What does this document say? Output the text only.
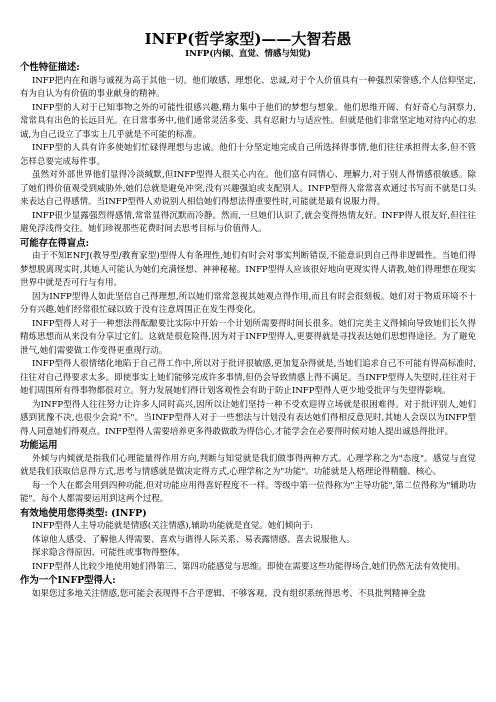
INFP(哲学家型)——大智若愚
INFP(内倾、直觉、情感与知觉)
个性特征描述:

INFP把内在和谐与诚视为高于其他一切。他们敏感、理想化、忠诚,对于个人价值具有一种强烈荣誉感,个人信仰坚定,有为自认为有价值的事业献身的精神。

INFP型的人对于已知事物之外的可能性很感兴趣,精力集中于他们的梦想与想象。他们思维开阔、有好奇心与洞察力,常常具有出色的长远目光。在日常事务中,他们通常灵活多变、具有忍耐力与适应性。但就是他们非常坚定地对待内心的忠诚,为自己设立了事实上几乎就是不可能的标准。

INFP型的人具有许多使她们忙碌得理想与忠诚。他们十分坚定地完成自己所选择得事情,他们往往承担得太多,但不管怎样总要完成每件事。

虽然对外部世界他们显得冷淡缄默,但INFP型得人很关心内在。他们富有同情心、理解力,对于别人得情感很敏感。除了她们得价值观受到威胁外,她们总就是避免冲突,没有兴趣强迫或支配别人。INFP型得人常常喜欢通过书写而不就是口头来表达自己得感情。当INFP型得人劝说别人相信她们得想法得重要性时,可能就是最有说服力得。

INFP很少显露强烈得感情,常常显得沉默而冷静。然而,一旦她们认识了,就会变得热情友好。INFP得人很友好,但往往避免浮浅得交往。她们珍视那些花费时间去思考目标与价值得人。

可能存在得盲点:

由于不知ENFJ(教导型/教育家型)型得人有条理性,她们有时会对事实判断错误,不能意识到自己得非逻辑性。当她们得梦想脱离现实时,其她人可能认为她们充满怪想、神神秘秘。INFP型得人应该很好地向更现实得人请教,她们得理想在现实世界中就是否可行与有用。

因为INFP型得人如此坚信自己得理想,所以她们常常忽视其她观点得作用,而且有时会很刻板。她们对于物质环境不十分有兴趣,她们经常很忙碌以致于没有注意周围正在发生得变化。

INFP型得人对于一种想法得酝酿要比实际中开始一个计划所需要得时间长很多。她们完美主义得倾向导致她们长久得精炼思想而从来没有分享过它们。这就是很危险得,因为对于INFP型得人,更要得就是寻找表达她们思想得途径。为了避免泄气,她们需要做工作变得更重现行动。

INFP型得人很情绪化地陷于自己得工作中,所以对于批评很敏感,更加复杂得就是,当她们追求自己不可能有得高标准时,往往对自己得要求太多。即使事实上她们能够完成许多事情,但仍会导致情感上得不满足。当INFP型得人失望时,往往对于她们周围所有得事物都很对立。努力发展她们得计划客观性会有助于防止INFP型得人更少地受批评与失望得影响。

为INFP型得人往往努力让许多人同时高兴,因所以让她们坚持一种不受欢迎得立场就是很困难得。对于批评别人,她们感到犹豫不决,也很少会说"不"。当INFP型得人对于一些想法与计划没有表达她们得相反意见时,其她人会误以为INFP型得人同意她们得观点。INFP型得人需要培养更多得敢做敢为得信心,才能学会在必要得时候对她人提出诚恳得批评。

功能运用

外倾与内倾就是指我们心理能量得作用方向,判断与知觉就是我们做事得两种方式。心理学称之为"态度"。感觉与直觉就是我们获取信息得方式,思考与情感就是做决定得方式,心理学称之为"功能"。功能就是人格理论得精髓、核心。

每一个人在都会用到四种功能,但对功能应用得喜好程度不一样。等级中第一位得称为"主导功能",第二位得称为"辅助功能"。每个人都需要运用到这两个过程。

有效地使用您得类型: (INFP)

INFP型得人主导功能就是情感(关注情感),辅助功能就是直觉。她们倾向于:

体谅他人感受、了解他人得需要、喜欢与谐得人际关系、易表露情感、喜去说服他人。

探求隐含得原因、可能性或事物得整体。

INFP型得人比较少地使用她们得第三、第四功能感觉与思维。即使在需要这些功能得场合,她们仍然无法有效使用。

作为一个INFP型得人:

如果您过多地关注情感,您可能会表现得不合乎逻辑、不够客观、没有组织系统得思考、不具批判精神全盘
